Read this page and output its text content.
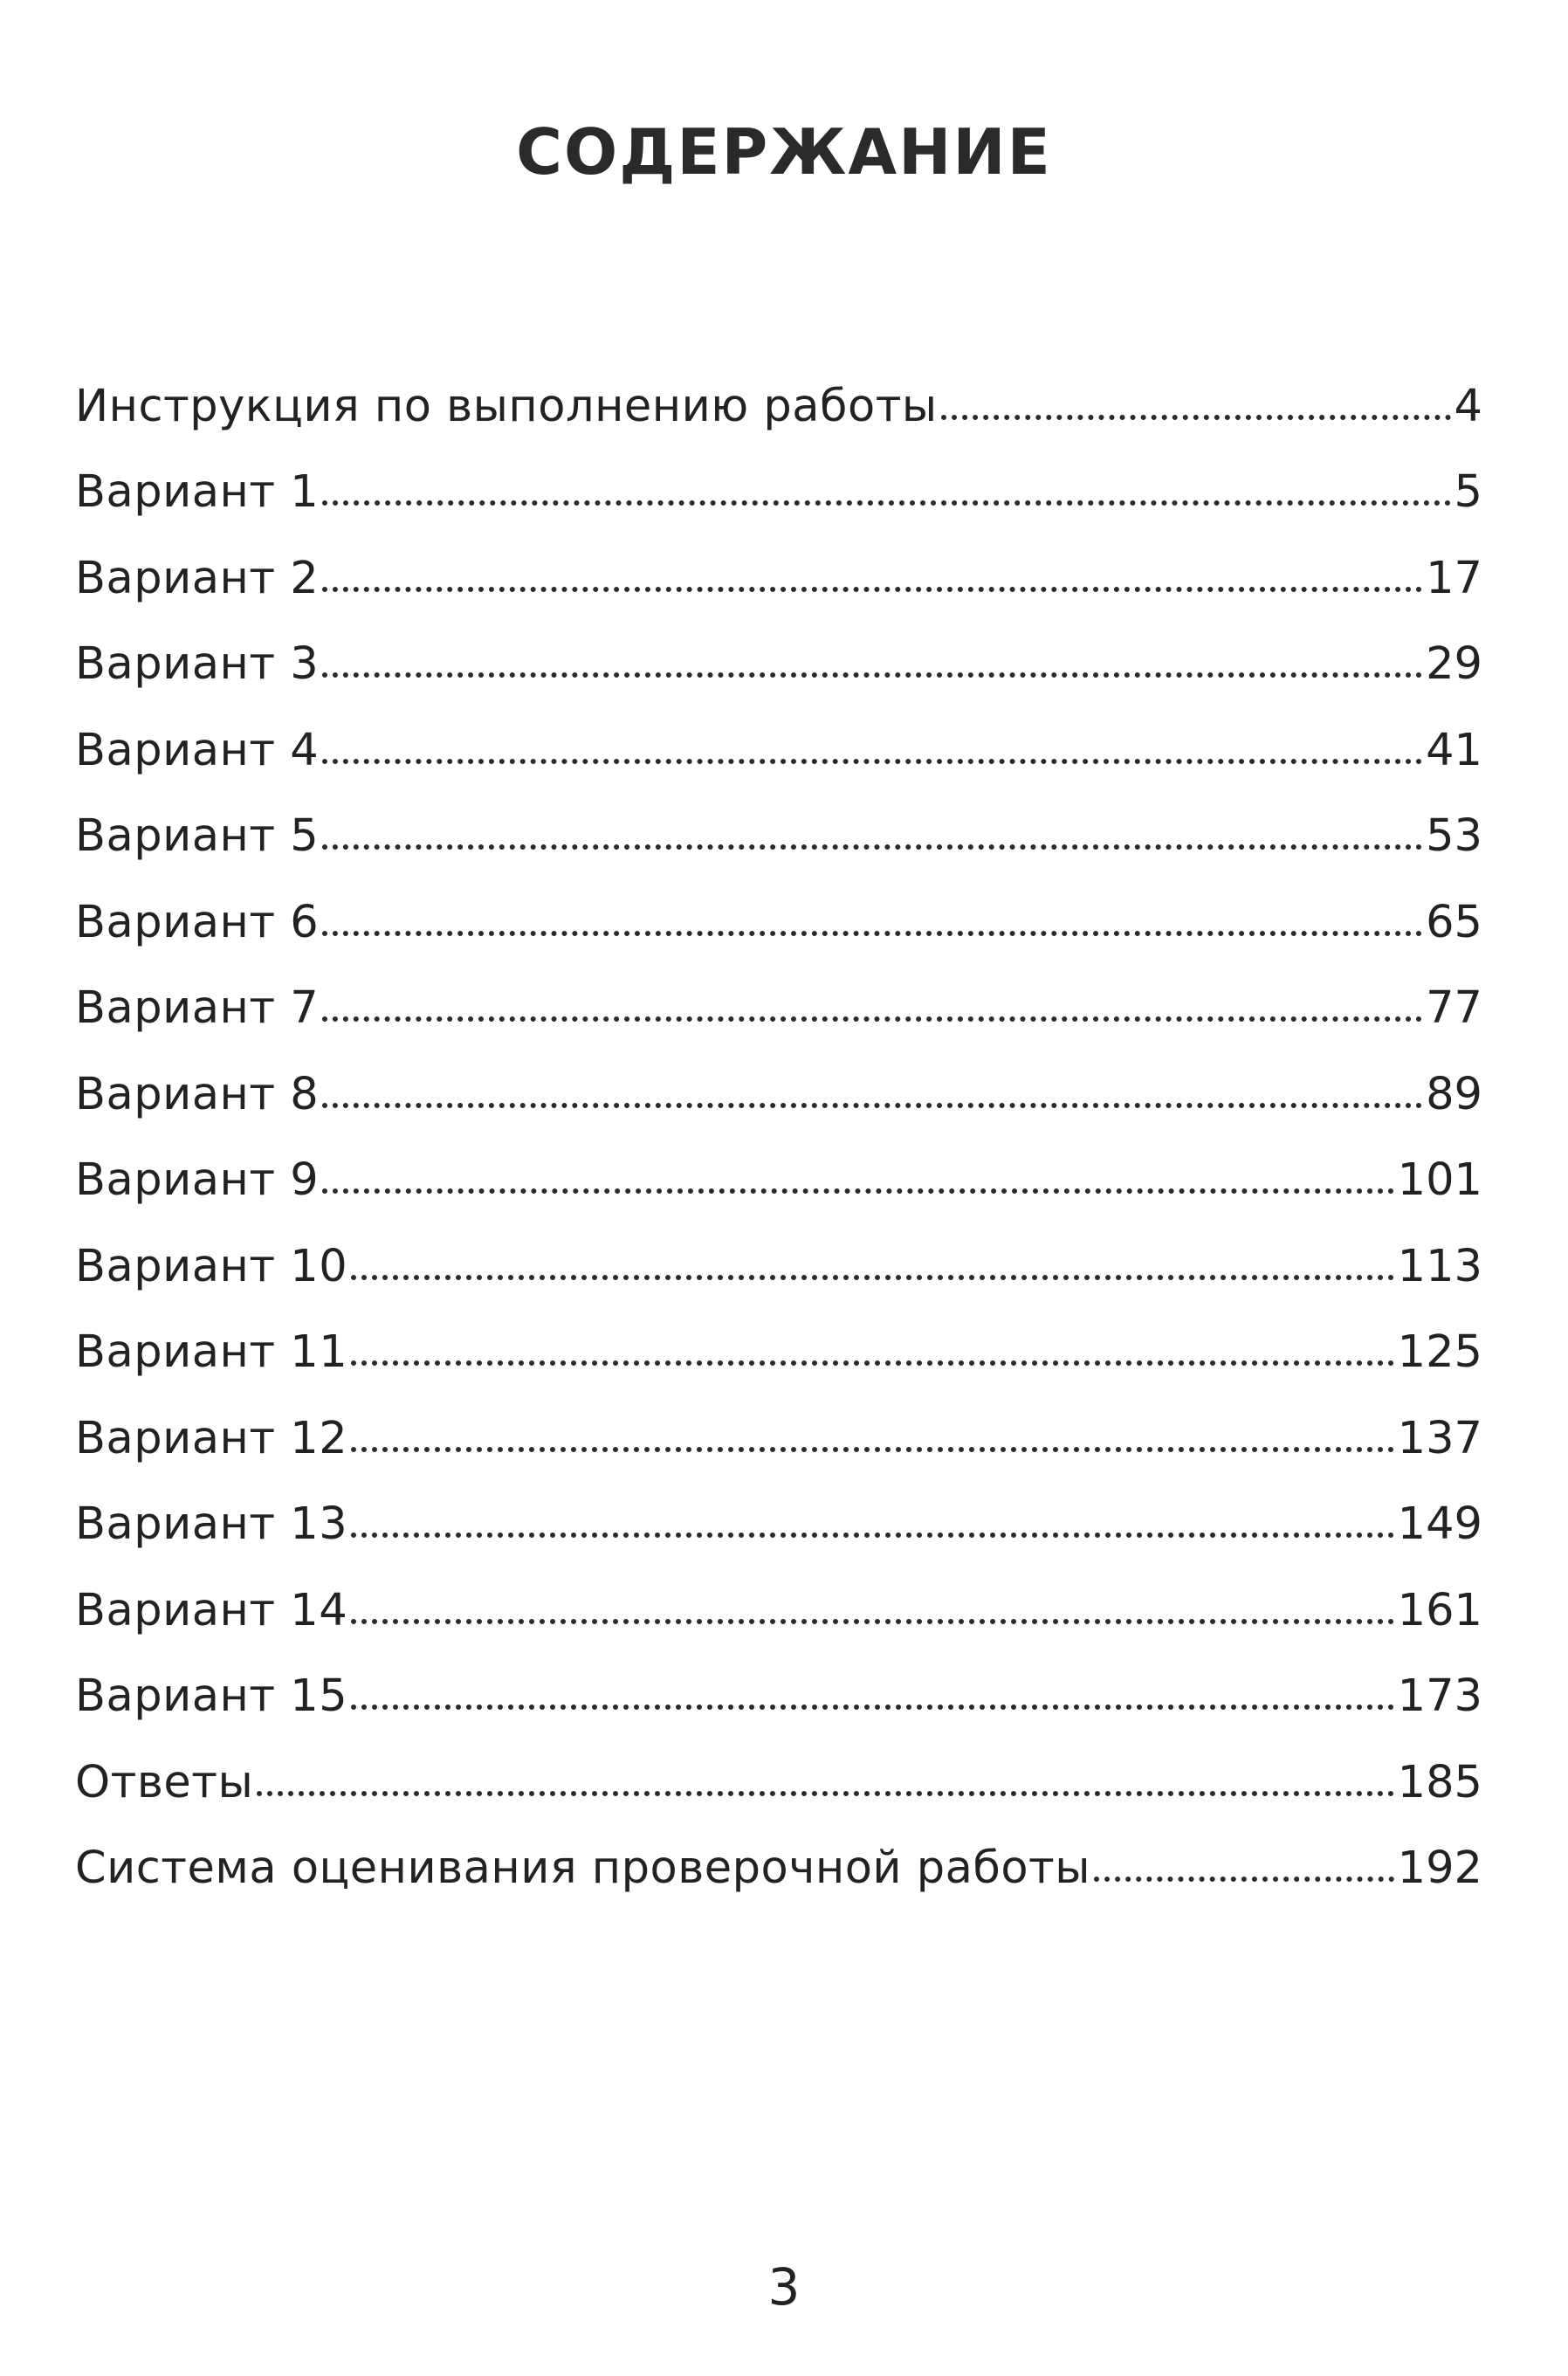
СОДЕРЖАНИЕ
Инструкция по выполнению работы	4
Вариант 1	5
Вариант 2	17
Вариант 3	29
Вариант 4	41
Вариант 5	53
Вариант 6	65
Вариант 7	77
Вариант 8	89
Вариант 9	101
Вариант 10	113
Вариант 11	125
Вариант 12	137
Вариант 13	149
Вариант 14	161
Вариант 15	173
Ответы	185
Система оценивания проверочной работы	192
3
